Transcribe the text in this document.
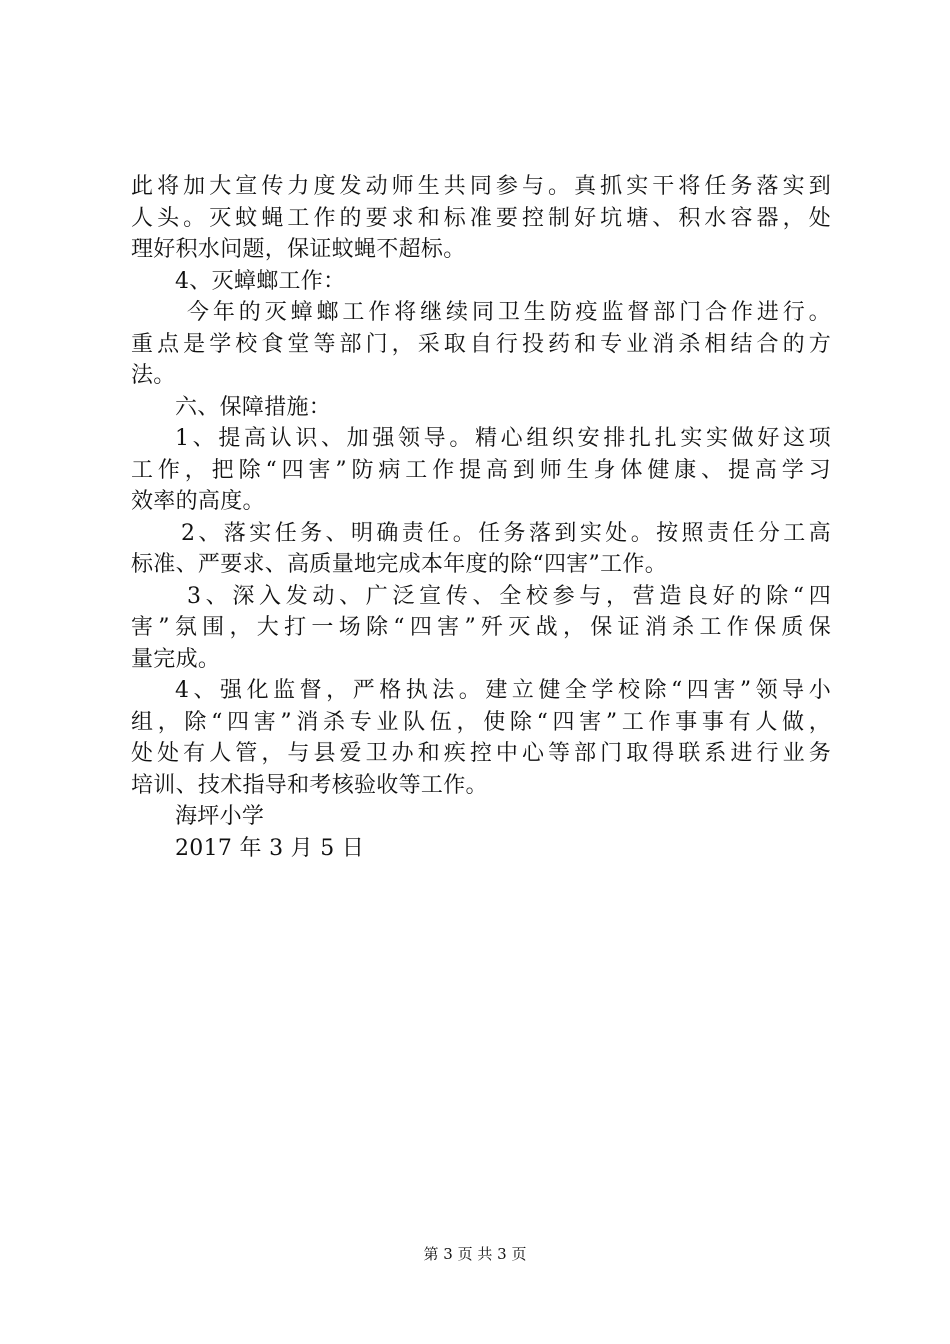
此将加大宣传力度发动师生共同参与。真抓实干将任务落实到
人头。灭蚊蝇工作的要求和标准要控制好坑塘、积水容器，处
理好积水问题，保证蚊蝇不超标。
4、灭蟑螂工作：
今年的灭蟑螂工作将继续同卫生防疫监督部门合作进行。
重点是学校食堂等部门，采取自行投药和专业消杀相结合的方
法。
六、保障措施：
1、提高认识、加强领导。精心组织安排扎扎实实做好这项
工作，把除“四害”防病工作提高到师生身体健康、提高学习
效率的高度。
2、落实任务、明确责任。任务落到实处。按照责任分工高
标准、严要求、高质量地完成本年度的除“四害”工作。
3、深入发动、广泛宣传、全校参与，营造良好的除“四
害”氛围，大打一场除“四害”歼灭战，保证消杀工作保质保
量完成。
4、强化监督，严格执法。建立健全学校除“四害”领导小
组，除“四害”消杀专业队伍，使除“四害”工作事事有人做，
处处有人管，与县爱卫办和疾控中心等部门取得联系进行业务
培训、技术指导和考核验收等工作。
海坪小学
2017 年 3 月 5 日
第 3 页 共 3 页
